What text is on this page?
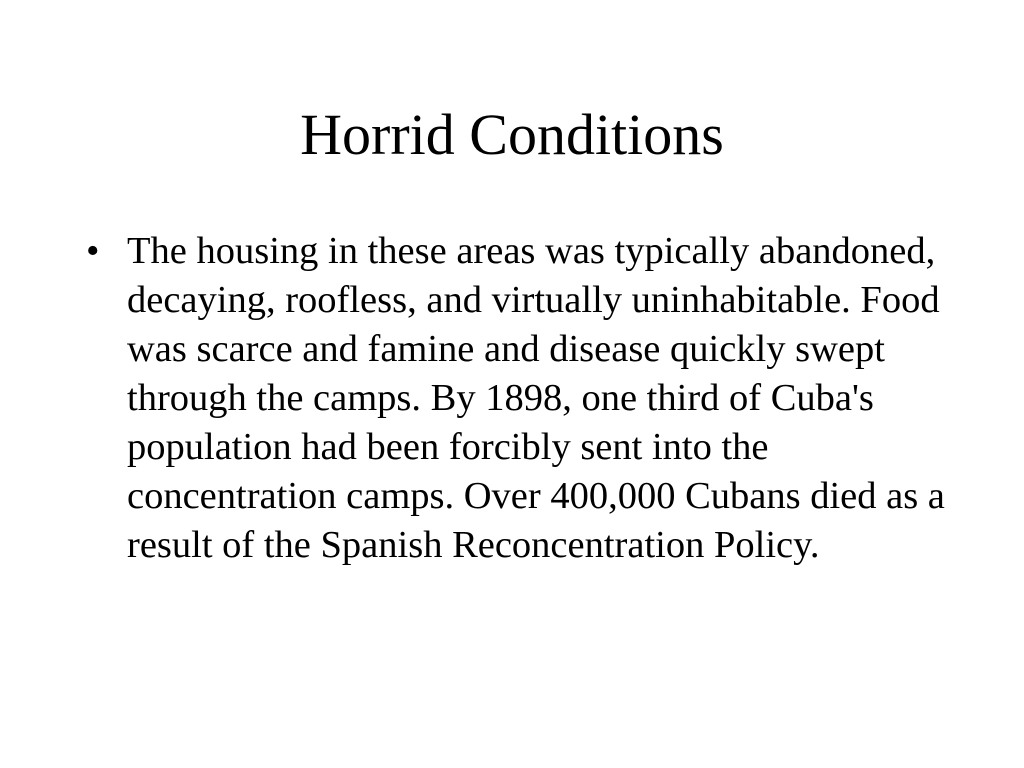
Horrid Conditions
• The housing in these areas was typically abandoned, decaying, roofless, and virtually uninhabitable. Food was scarce and famine and disease quickly swept through the camps. By 1898, one third of Cuba's population had been forcibly sent into the concentration camps. Over 400,000 Cubans died as a result of the Spanish Reconcentration Policy.
